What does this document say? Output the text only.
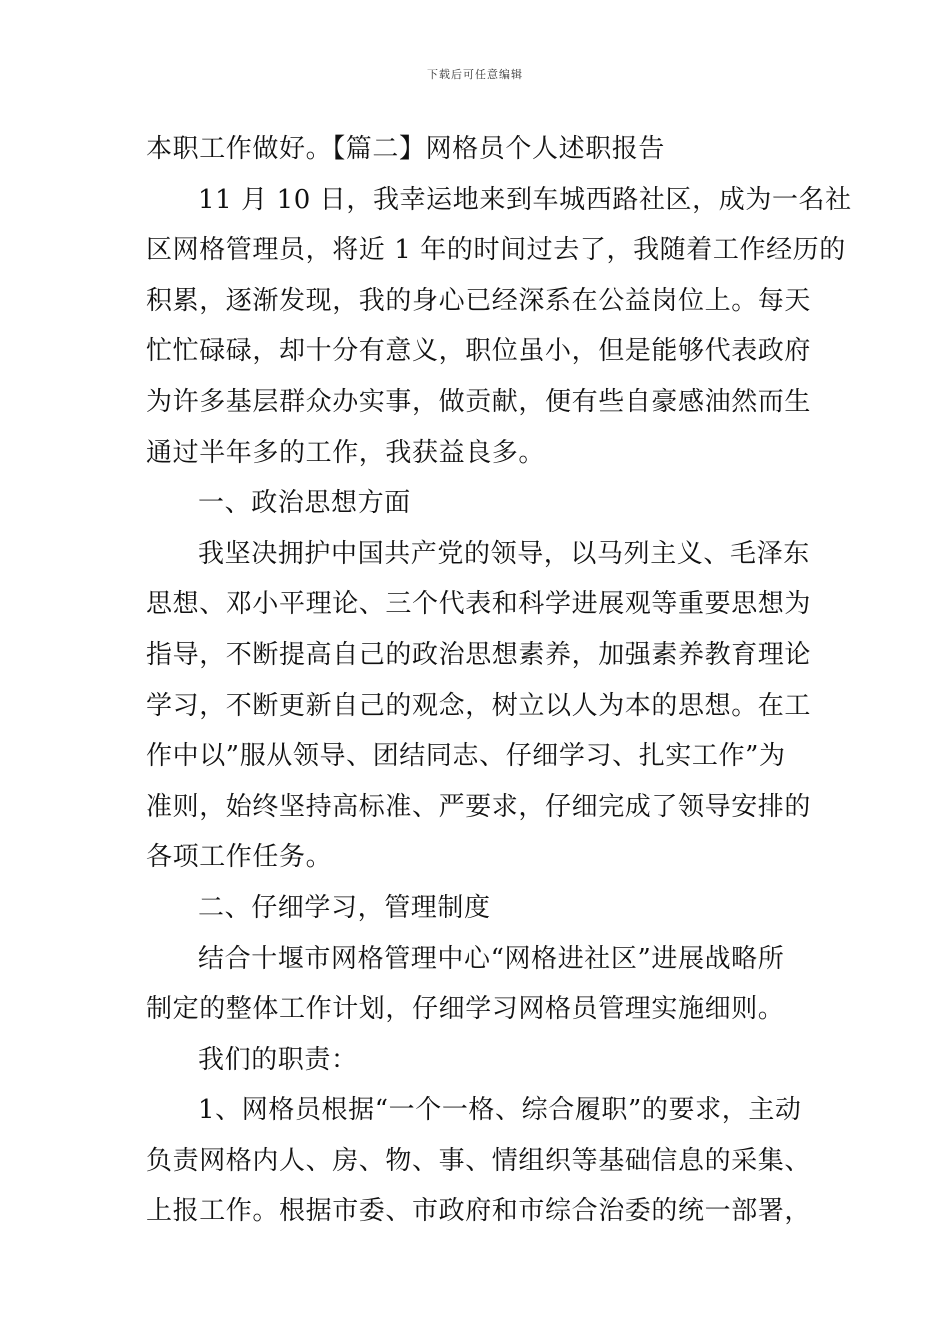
下载后可任意编辑
本职工作做好。【篇二】网格员个人述职报告
11 月 10 日，我幸运地来到车城西路社区，成为一名社
区网格管理员，将近 1 年的时间过去了，我随着工作经历的
积累，逐渐发现，我的身心已经深系在公益岗位上。每天
忙忙碌碌，却十分有意义，职位虽小，但是能够代表政府
为许多基层群众办实事，做贡献，便有些自豪感油然而生
通过半年多的工作，我获益良多。
一、政治思想方面
我坚决拥护中国共产党的领导，以马列主义、毛泽东
思想、邓小平理论、三个代表和科学进展观等重要思想为
指导，不断提高自己的政治思想素养，加强素养教育理论
学习，不断更新自己的观念，树立以人为本的思想。在工
作中以”服从领导、团结同志、仔细学习、扎实工作”为
准则，始终坚持高标准、严要求，仔细完成了领导安排的
各项工作任务。
二、仔细学习，管理制度
结合十堰市网格管理中心“网格进社区”进展战略所
制定的整体工作计划，仔细学习网格员管理实施细则。
我们的职责：
1、网格员根据“一个一格、综合履职”的要求，主动
负责网格内人、房、物、事、情组织等基础信息的采集、
上报工作。根据市委、市政府和市综合治委的统一部署，
